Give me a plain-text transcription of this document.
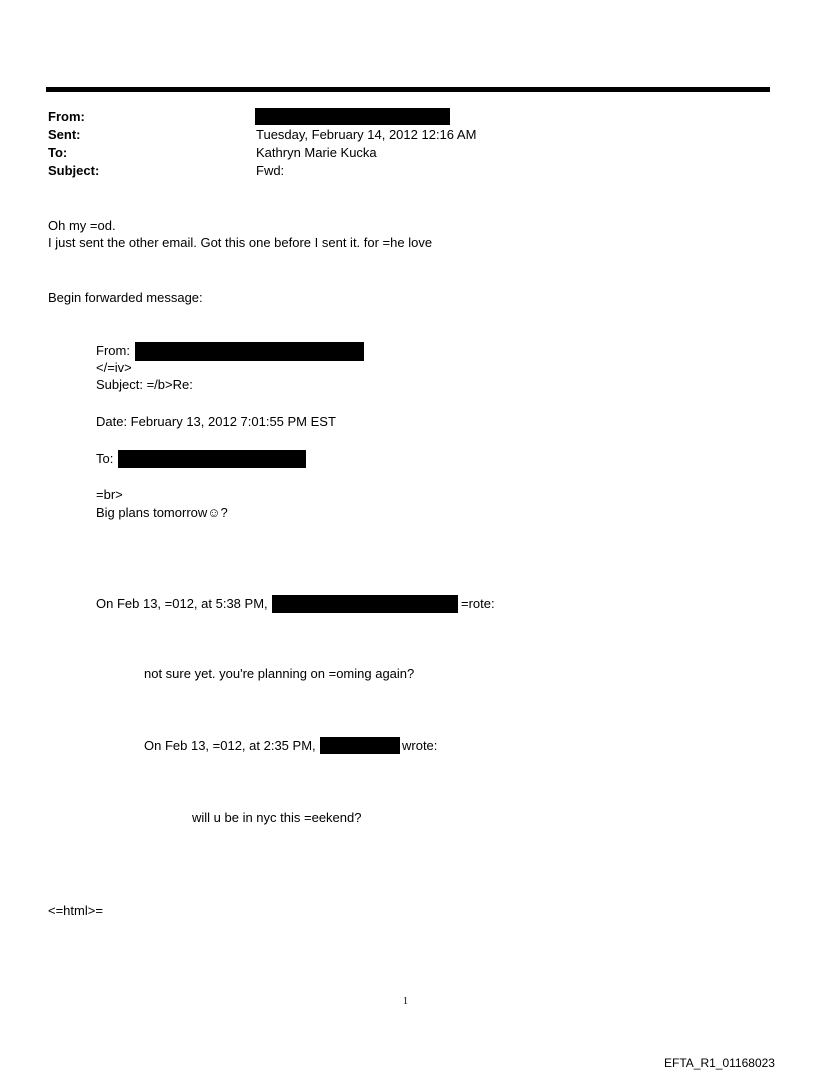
From:
Sent:	Tuesday, February 14, 2012 12:16 AM
To:	Kathryn Marie Kucka
Subject:	Fwd:
Oh my =od.
I just sent the other email. Got this one before I sent it. for =he love
Begin forwarded message:
From:
</=iv>
Subject: =/b>Re:
Date: February 13, 2012 7:01:55 PM EST
To:
=br>
Big plans tomorrow☺?
On Feb 13, =012, at 5:38 PM,	=rote:
not sure yet. you're planning on =oming again?
On Feb 13, =012, at 2:35 PM,	wrote:
will u be in nyc this =eekend?
<=html>=
1
EFTA_R1_01168023
